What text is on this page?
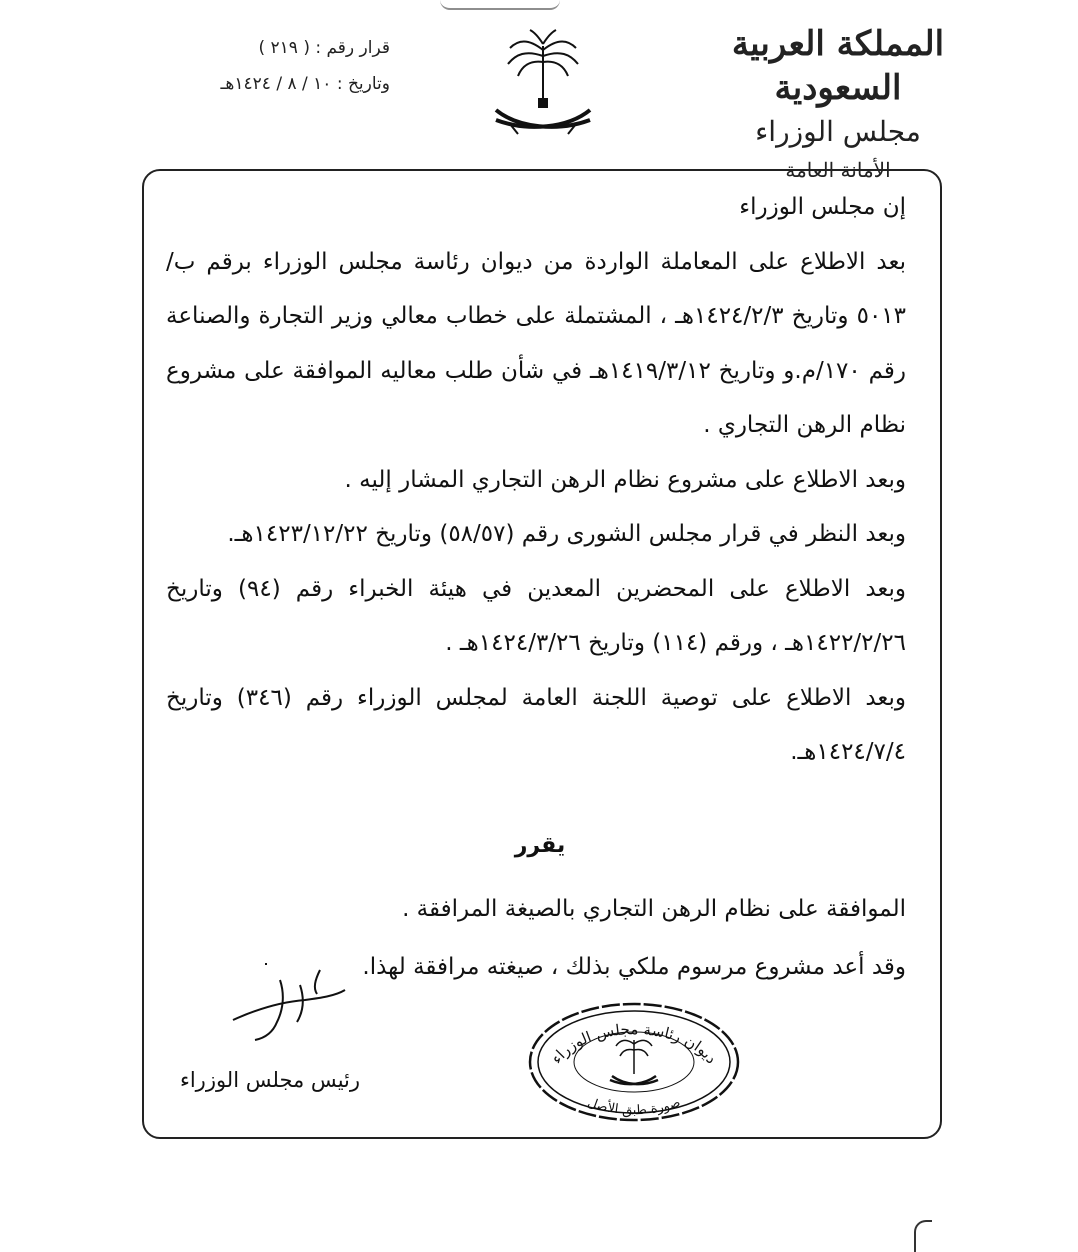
المملكة العربية السعودية
مجلس الوزراء
الأمانة العامة
قرار رقم : ( ٢١٩ )
وتاريخ : ١٠ / ٨ / ١٤٢٤هـ

إن مجلس الوزراء

بعد الاطلاع على المعاملة الواردة من ديوان رئاسة مجلس الوزراء برقم ب/٥٠١٣ وتاريخ ١٤٢٤/٢/٣هـ ، المشتملة على خطاب معالي وزير التجارة والصناعة رقم ١٧٠/م.و وتاريخ ١٤١٩/٣/١٢هـ في شأن طلب معاليه الموافقة على مشروع نظام الرهن التجاري .

وبعد الاطلاع على مشروع نظام الرهن التجاري المشار إليه .

وبعد النظر في قرار مجلس الشورى رقم (٥٨/٥٧) وتاريخ ١٤٢٣/١٢/٢٢هـ.

وبعد الاطلاع على المحضرين المعدين في هيئة الخبراء رقم (٩٤) وتاريخ ١٤٢٢/٢/٢٦هـ ، ورقم (١١٤) وتاريخ ١٤٢٤/٣/٢٦هـ .

وبعد الاطلاع على توصية اللجنة العامة لمجلس الوزراء رقم (٣٤٦) وتاريخ ١٤٢٤/٧/٤هـ.

يقرر

الموافقة على نظام الرهن التجاري بالصيغة المرافقة .

وقد أعد مشروع مرسوم ملكي بذلك ، صيغته مرافقة لهذا.

رئيس مجلس الوزراء
ديوان رئاسة مجلس الوزراء
صورة طبق الأصل
